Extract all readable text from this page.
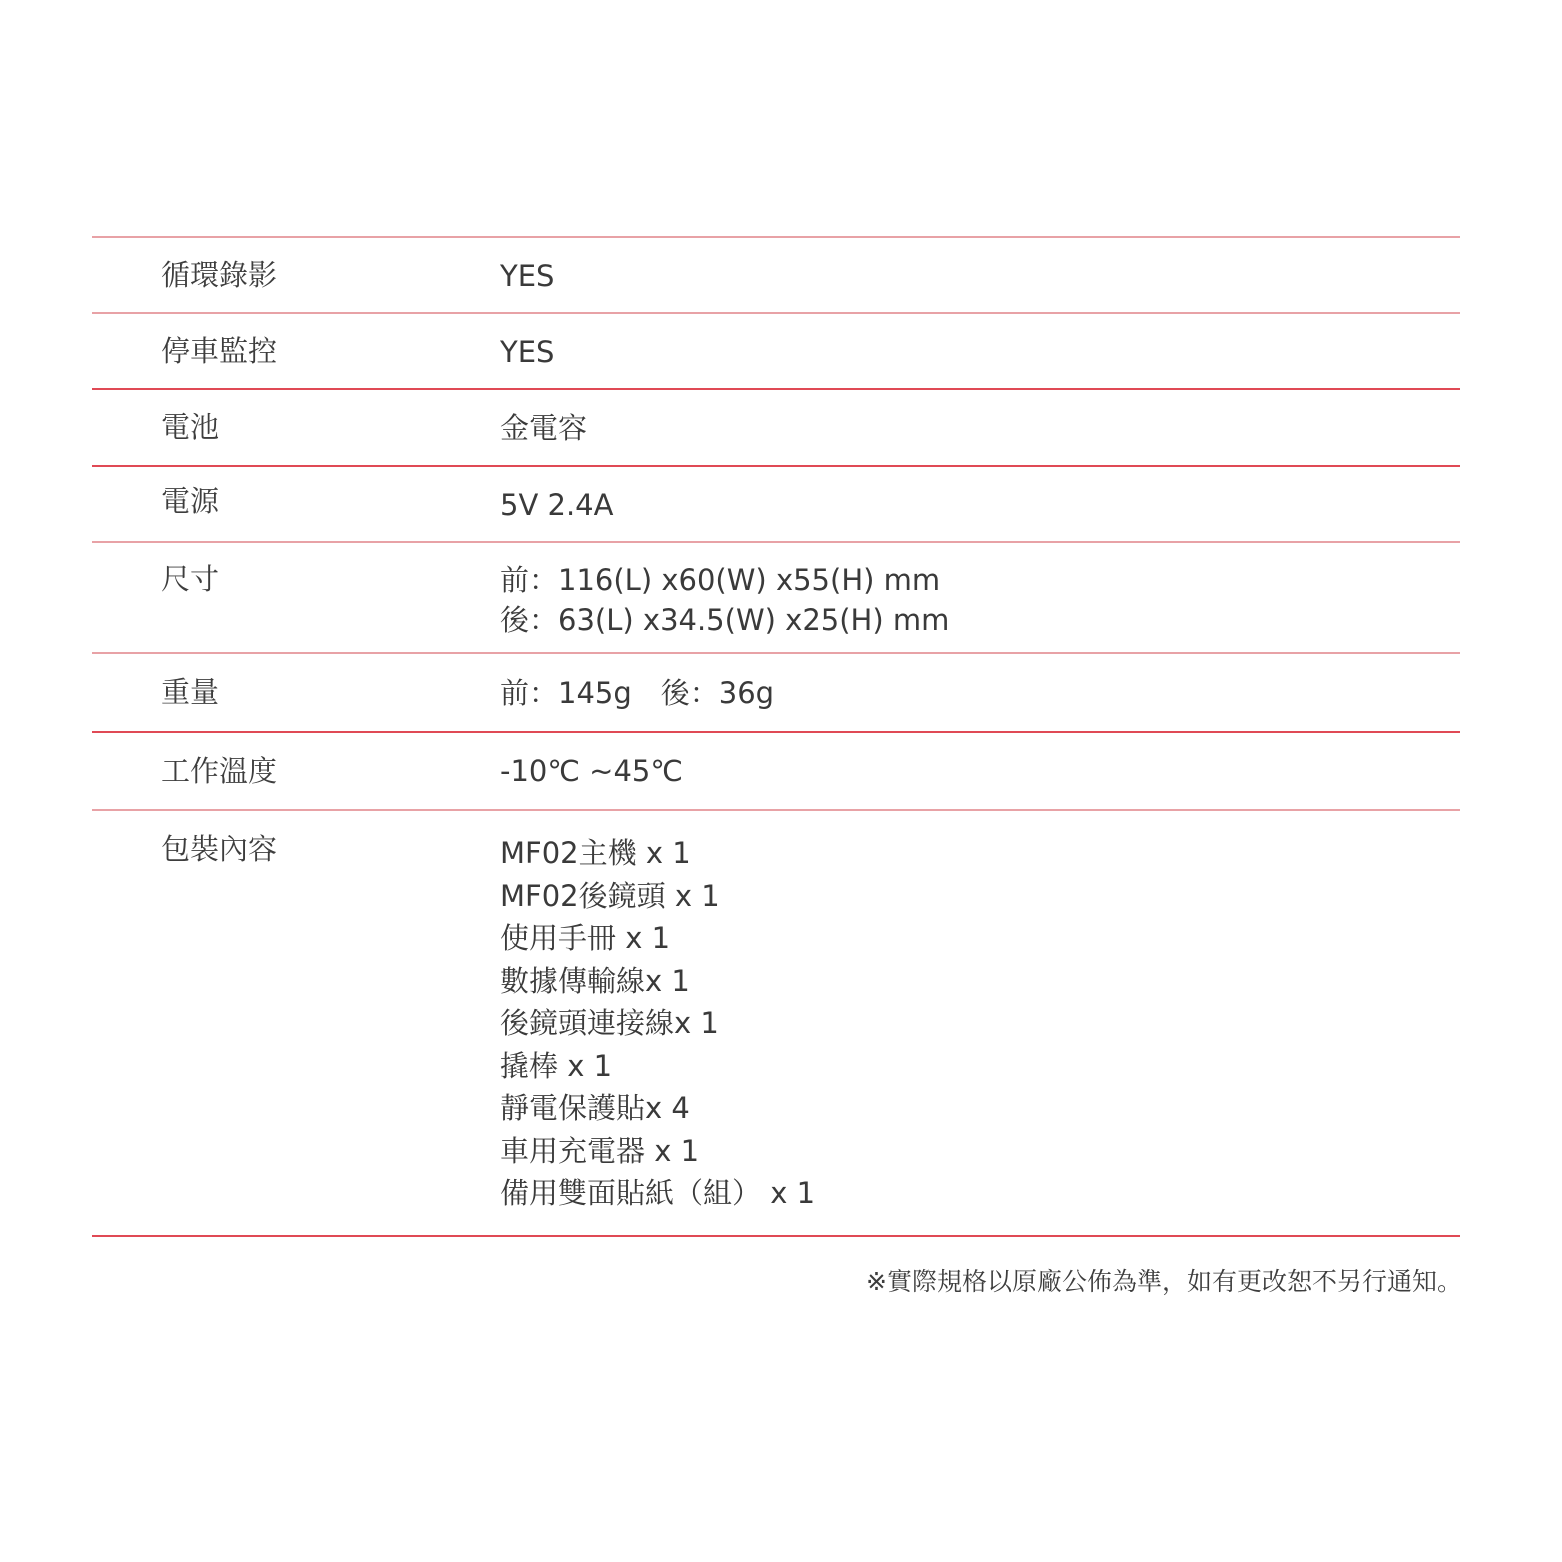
循環錄影	YES
停車監控	YES
電池	金電容
電源	5V 2.4A
尺寸	前：116(L) x60(W) x55(H) mm
後：63(L) x34.5(W) x25(H) mm
重量	前：145g　後：36g
工作溫度	-10℃ ~45℃
包裝內容	MF02主機 x 1
MF02後鏡頭 x 1
使用手冊 x 1
數據傳輸線x 1
後鏡頭連接線x 1
撬棒 x 1
靜電保護貼x 4
車用充電器 x 1
備用雙面貼紙（組） x 1
※實際規格以原廠公佈為準，如有更改恕不另行通知。
